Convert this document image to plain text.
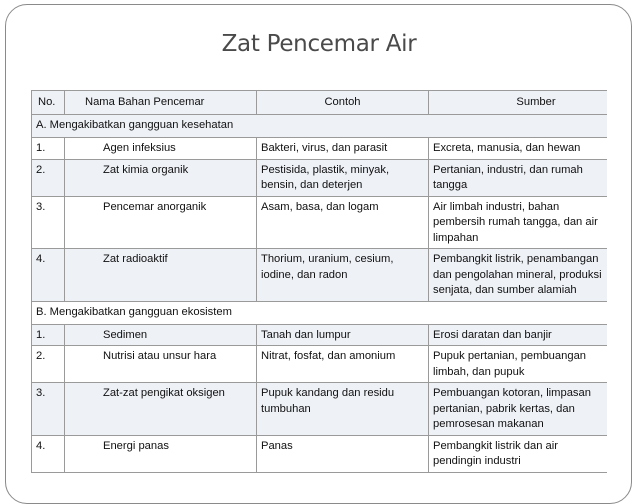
Zat Pencemar Air
No.	Nama Bahan Pencemar	Contoh	Sumber
A. Mengakibatkan gangguan kesehatan			
1.	Agen infeksius	Bakteri, virus, dan parasit	Excreta, manusia, dan hewan
2.	Zat kimia organik	Pestisida, plastik, minyak, bensin, dan deterjen	Pertanian, industri, dan rumah tangga
3.	Pencemar anorganik	Asam, basa, dan logam	Air limbah industri, bahan pembersih rumah tangga, dan air limpahan
4.	Zat radioaktif	Thorium, uranium, cesium, iodine, dan radon	Pembangkit listrik, penambangan dan pengolahan mineral, produksi senjata, dan sumber alamiah
B. Mengakibatkan gangguan ekosistem			
1.	Sedimen	Tanah dan lumpur	Erosi daratan dan banjir
2.	Nutrisi atau unsur hara	Nitrat, fosfat, dan amonium	Pupuk pertanian, pembuangan limbah, dan pupuk
3.	Zat-zat pengikat oksigen	Pupuk kandang dan residu tumbuhan	Pembuangan kotoran, limpasan pertanian, pabrik kertas, dan pemrosesan makanan
4.	Energi panas	Panas	Pembangkit listrik dan air pendingin industri
